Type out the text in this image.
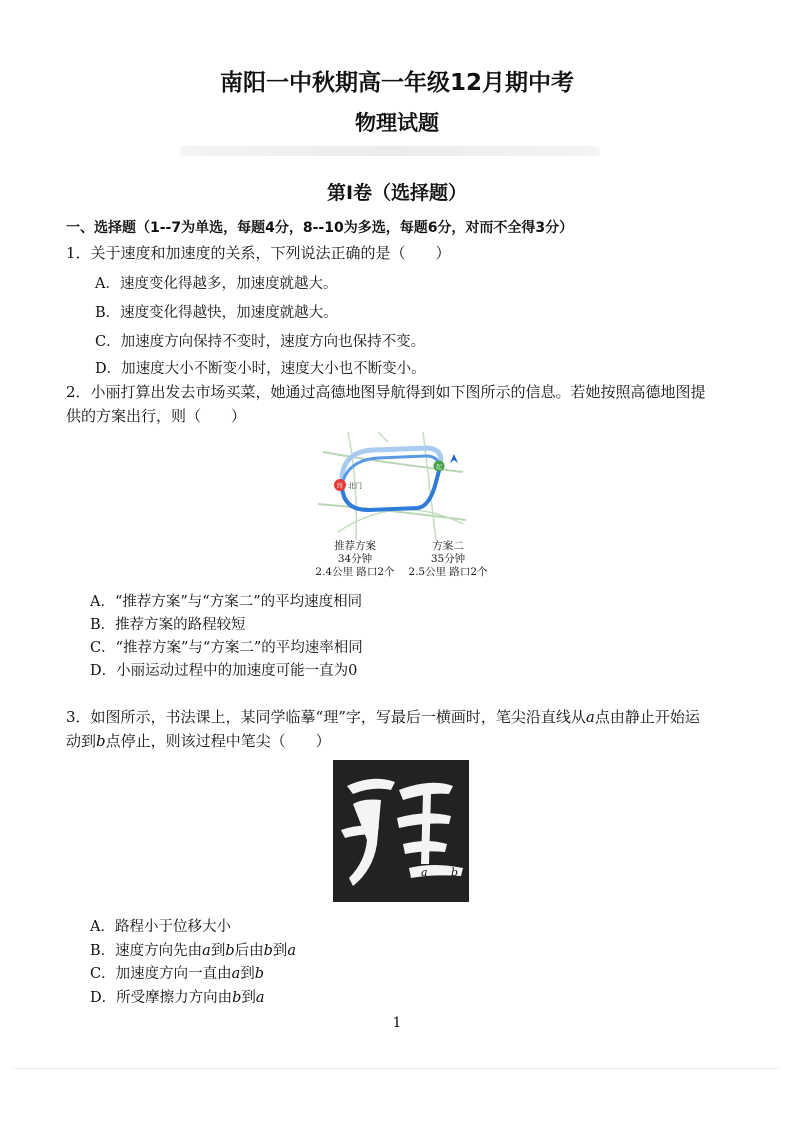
南阳一中秋期高一年级12月期中考
物理试题
第Ⅰ卷（选择题）
一、选择题（1--7为单选，每题4分，8--10为多选，每题6分，对而不全得3分）
1．关于速度和加速度的关系，下列说法正确的是（　　）
A．速度变化得越多，加速度就越大。
B．速度变化得越快，加速度就越大。
C．加速度方向保持不变时，速度方向也保持不变。
D．加速度大小不断变小时，速度大小也不断变小。
2．小丽打算出发去市场买菜，她通过高德地图导航得到如下图所示的信息。若她按照高德地图提
供的方案出行，则（　　）
终 北门
起
推荐方案
34分钟
2.4公里 路口2个
方案二
35分钟
2.5公里 路口2个
A．“推荐方案”与“方案二”的平均速度相同
B．推荐方案的路程较短
C．“推荐方案”与“方案二”的平均速率相同
D．小丽运动过程中的加速度可能一直为0
3．如图所示，书法课上，某同学临摹“理”字，写最后一横画时，笔尖沿直线从a点由静止开始运
动到b点停止，则该过程中笔尖（　　）
a b
A．路程小于位移大小
B．速度方向先由a到b后由b到a
C．加速度方向一直由a到b
D．所受摩擦力方向由b到a
1
